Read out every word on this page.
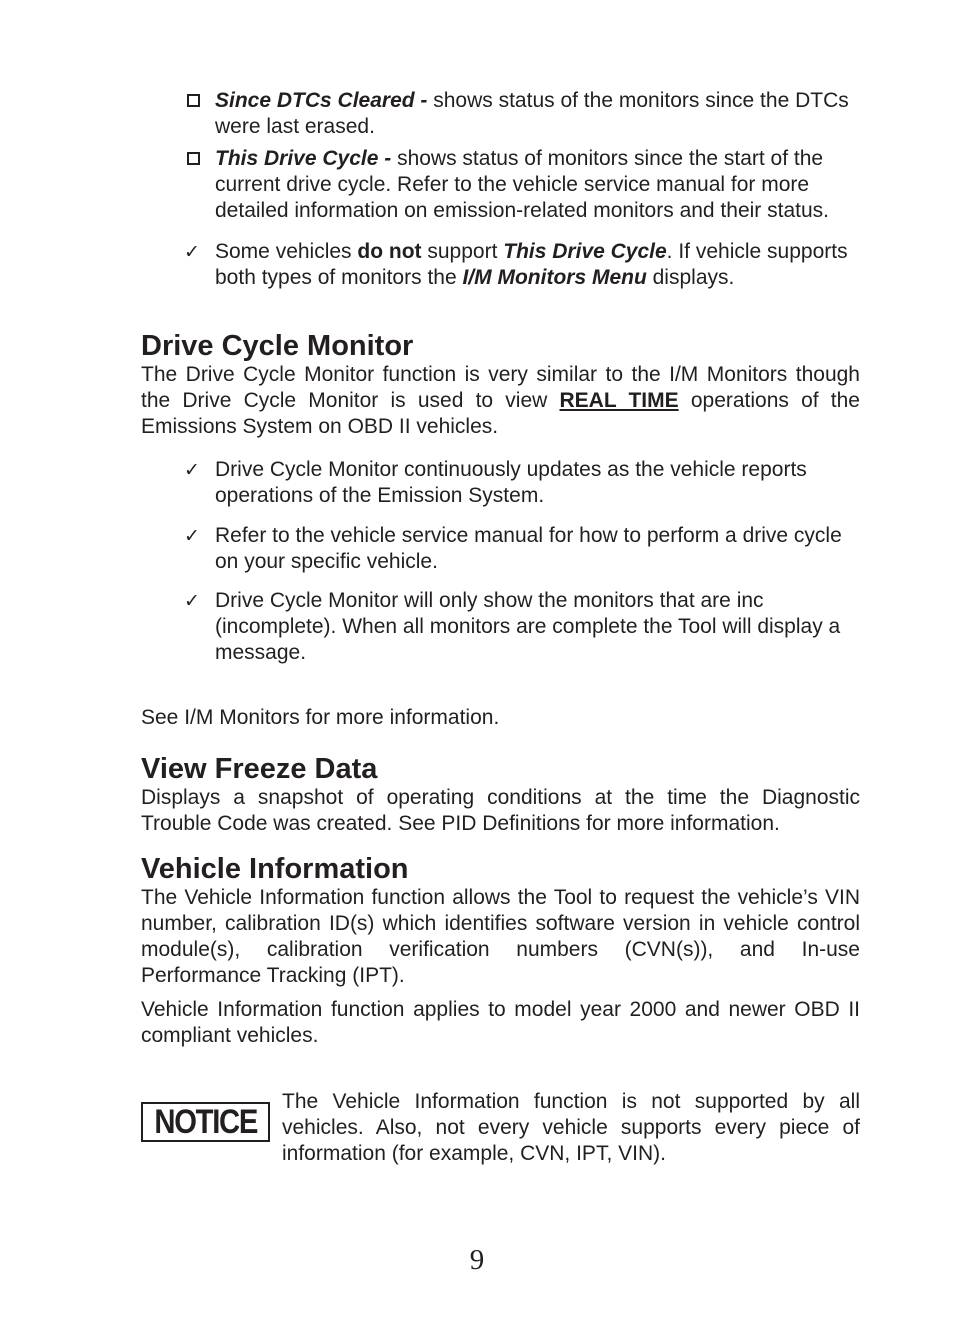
Since DTCs Cleared - shows status of the monitors since the DTCs were last erased.
This Drive Cycle - shows status of monitors since the start of the current drive cycle. Refer to the vehicle service manual for more detailed information on emission-related monitors and their status.
✓ Some vehicles do not support This Drive Cycle. If vehicle supports both types of monitors the I/M Monitors Menu displays.
Drive Cycle Monitor

The Drive Cycle Monitor function is very similar to the I/M Monitors though the Drive Cycle Monitor is used to view REAL TIME operations of the Emissions System on OBD II vehicles.

✓ Drive Cycle Monitor continuously updates as the vehicle reports operations of the Emission System.
✓ Refer to the vehicle service manual for how to perform a drive cycle on your specific vehicle.
✓ Drive Cycle Monitor will only show the monitors that are inc (incomplete). When all monitors are complete the Tool will display a message.

See I/M Monitors for more information.

View Freeze Data

Displays a snapshot of operating conditions at the time the Diagnostic Trouble Code was created. See PID Definitions for more information.

Vehicle Information

The Vehicle Information function allows the Tool to request the vehicle’s VIN number, calibration ID(s) which identifies software version in vehicle control module(s), calibration verification numbers (CVN(s)), and In-use Performance Tracking (IPT).

Vehicle Information function applies to model year 2000 and newer OBD II compliant vehicles.

NOTICE

The Vehicle Information function is not supported by all vehicles. Also, not every vehicle supports every piece of information (for example, CVN, IPT, VIN).

9
